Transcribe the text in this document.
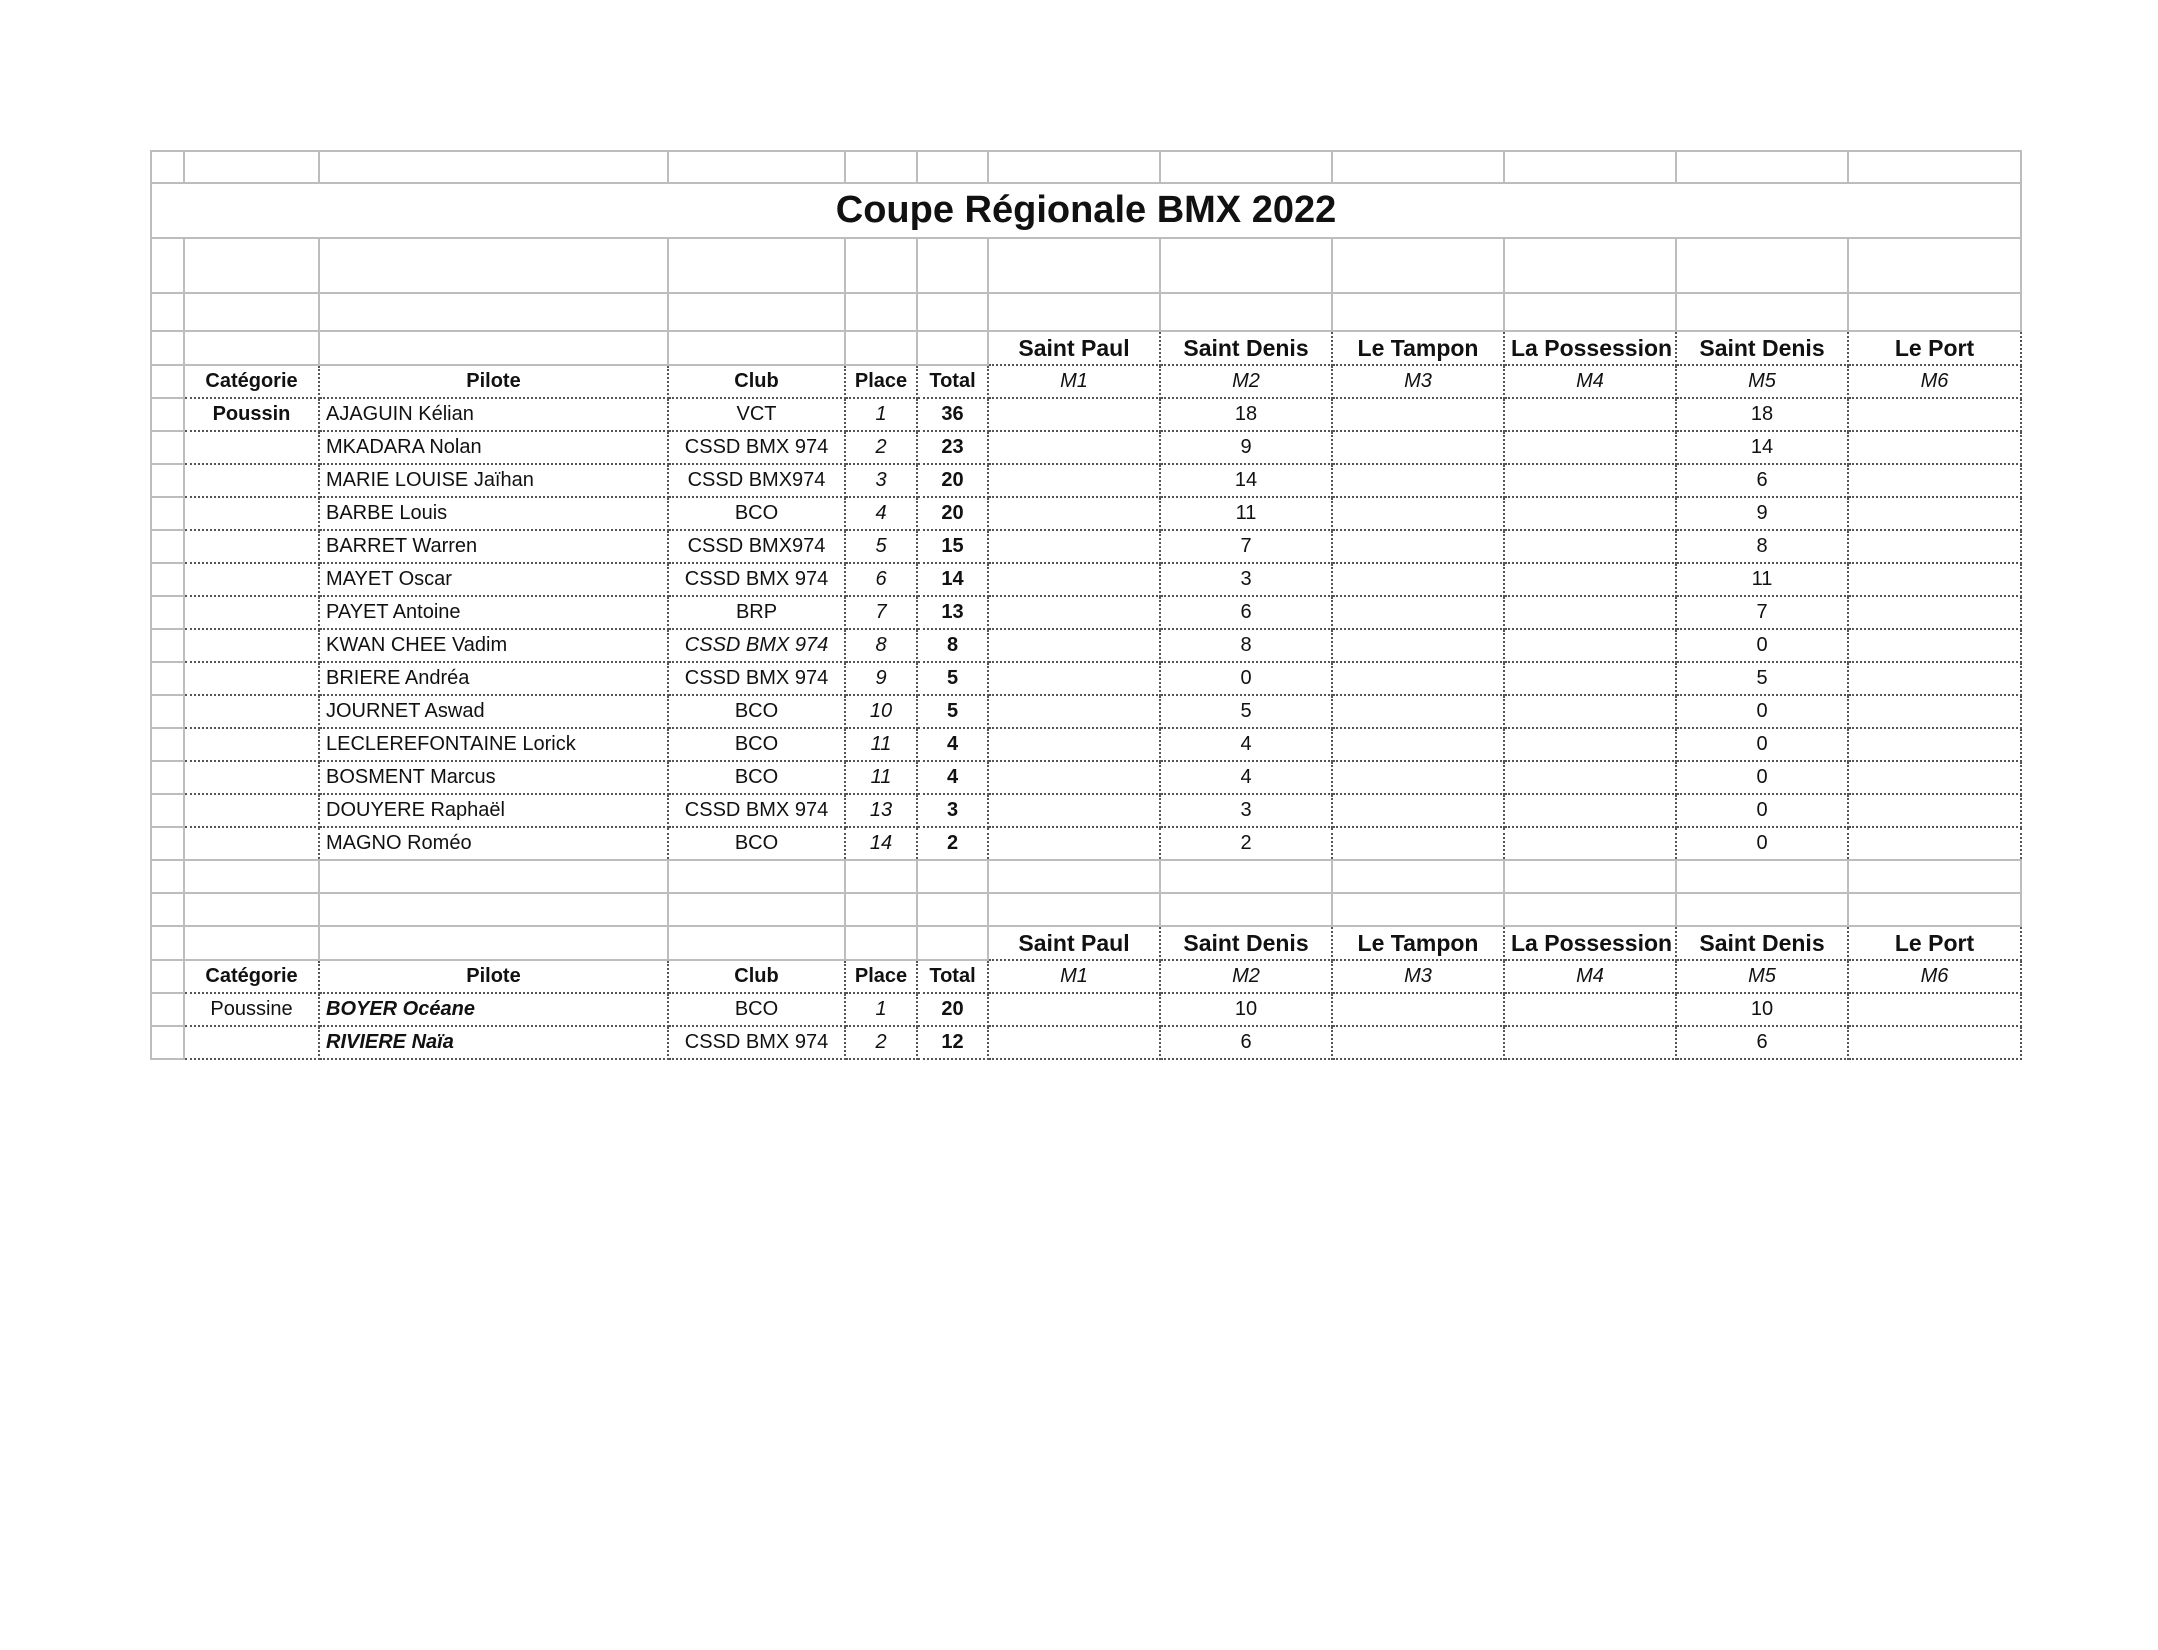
Coupe Régionale BMX 2022											

						Saint Paul	Saint Denis	Le Tampon	La Possession	Saint Denis	Le Port
	Catégorie	Pilote	Club	Place	Total	M1	M2	M3	M4	M5	M6
	Poussin	AJAGUIN Kélian	VCT	1	36		18			18	
		MKADARA Nolan	CSSD BMX 974	2	23		9			14	
		MARIE LOUISE Jaïhan	CSSD BMX974	3	20		14			6	
		BARBE Louis	BCO	4	20		11			9	
		BARRET Warren	CSSD BMX974	5	15		7			8	
		MAYET Oscar	CSSD BMX 974	6	14		3			11	
		PAYET Antoine	BRP	7	13		6			7	
		KWAN CHEE Vadim	CSSD BMX 974	8	8		8			0	
		BRIERE Andréa	CSSD BMX 974	9	5		0			5	
		JOURNET Aswad	BCO	10	5		5			0	
		LECLEREFONTAINE Lorick	BCO	11	4		4			0	
		BOSMENT Marcus	BCO	11	4		4			0	
		DOUYERE Raphaël	CSSD BMX 974	13	3		3			0	
		MAGNO Roméo	BCO	14	2		2			0	

						Saint Paul	Saint Denis	Le Tampon	La Possession	Saint Denis	Le Port
	Catégorie	Pilote	Club	Place	Total	M1	M2	M3	M4	M5	M6
	Poussine	BOYER Océane	BCO	1	20		10			10	
		RIVIERE Naïa	CSSD BMX 974	2	12		6			6	
